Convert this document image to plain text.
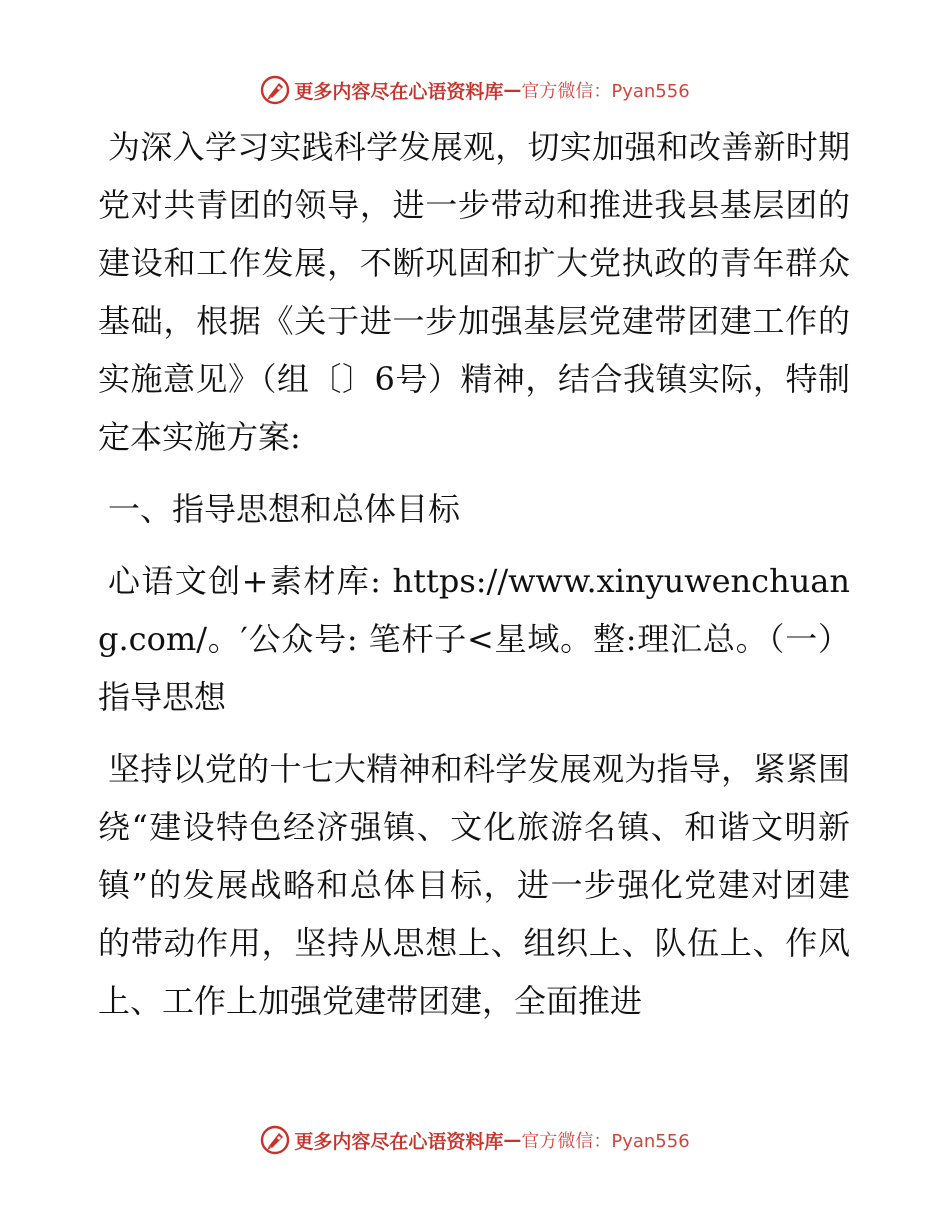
更多内容尽在心语资料库 — 官方微信：Pyan556

为深入学习实践科学发展观，切实加强和改善新时期党对共青团的领导，进一步带动和推进我县基层团的建设和工作发展，不断巩固和扩大党执政的青年群众基础，根据《关于进一步加强基层党建带团建工作的实施意见》（组〔〕6号）精神，结合我镇实际，特制定本实施方案:

一、指导思想和总体目标

心语文创+素材库: https://www.xinyuwenchuang.com/。′公众号: 笔杆子<星域。整:理汇总。（一）指导思想

坚持以党的十七大精神和科学发展观为指导，紧紧围绕“建设特色经济强镇、文化旅游名镇、和谐文明新镇”的发展战略和总体目标，进一步强化党建对团建的带动作用，坚持从思想上、组织上、队伍上、作风上、工作上加强党建带团建，全面推进

更多内容尽在心语资料库 — 官方微信：Pyan556
